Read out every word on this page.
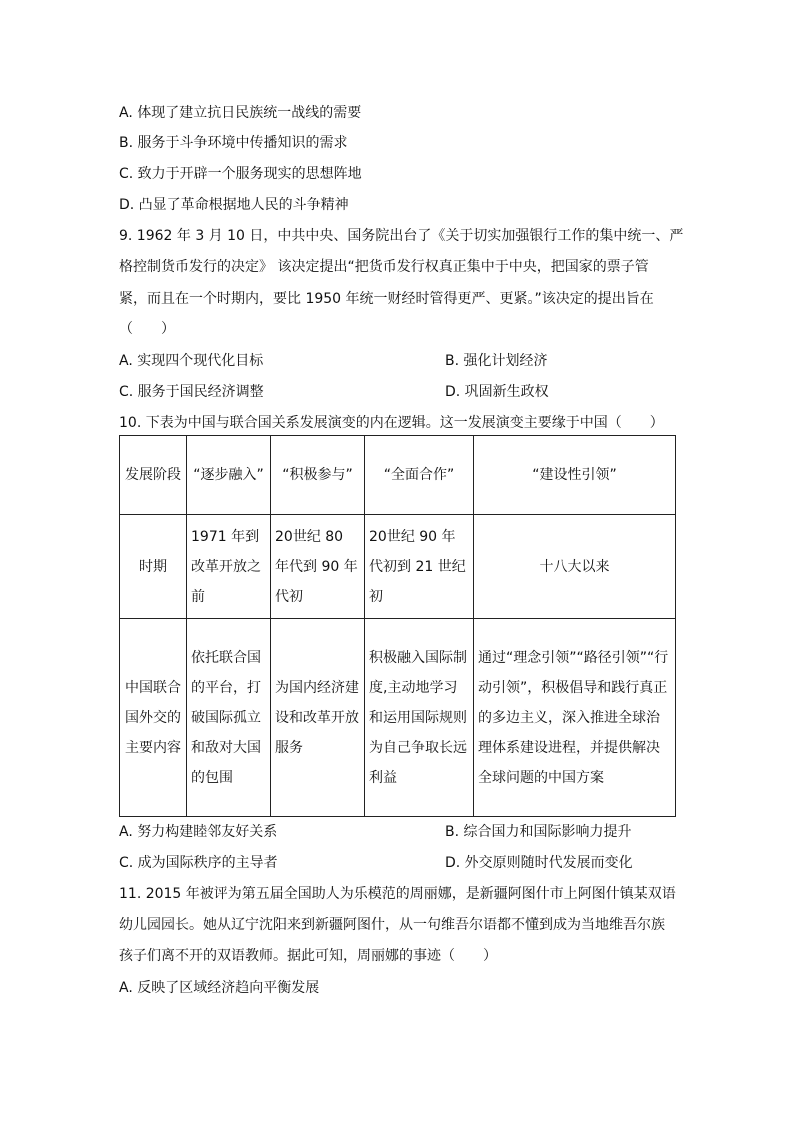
A. 体现了建立抗日民族统一战线的需要
B. 服务于斗争环境中传播知识的需求
C. 致力于开辟一个服务现实的思想阵地
D. 凸显了革命根据地人民的斗争精神
9. 1962 年 3 月 10 日，中共中央、国务院出台了《关于切实加强银行工作的集中统一、严
格控制货币发行的决定》 该决定提出“把货币发行权真正集中于中央，把国家的票子管
紧，而且在一个时期内，要比 1950 年统一财经时管得更严、更紧。”该决定的提出旨在
（　　）
A. 实现四个现代化目标	B. 强化计划经济
C. 服务于国民经济调整	D. 巩固新生政权
10. 下表为中国与联合国关系发展演变的内在逻辑。这一发展演变主要缘于中国（　　）
发展阶段	“逐步融入”	“积极参与”	“全面合作”	“建设性引领”
时期	1971 年到改革开放之前	20世纪 80 年代到 90 年代初	20世纪 90 年代初到 21 世纪初	十八大以来
中国联合国外交的主要内容	依托联合国的平台，打破国际孤立和敌对大国的包围	为国内经济建设和改革开放服务	积极融入国际制度,主动地学习和运用国际规则为自己争取长远利益	通过“理念引领”“路径引领”“行动引领”，积极倡导和践行真正的多边主义，深入推进全球治理体系建设进程，并提供解决全球问题的中国方案
A. 努力构建睦邻友好关系	B. 综合国力和国际影响力提升
C. 成为国际秩序的主导者	D. 外交原则随时代发展而变化
11. 2015 年被评为第五届全国助人为乐模范的周丽娜，是新疆阿图什市上阿图什镇某双语
幼儿园园长。她从辽宁沈阳来到新疆阿图什，从一句维吾尔语都不懂到成为当地维吾尔族
孩子们离不开的双语教师。据此可知，周丽娜的事迹（　　）
A. 反映了区域经济趋向平衡发展
